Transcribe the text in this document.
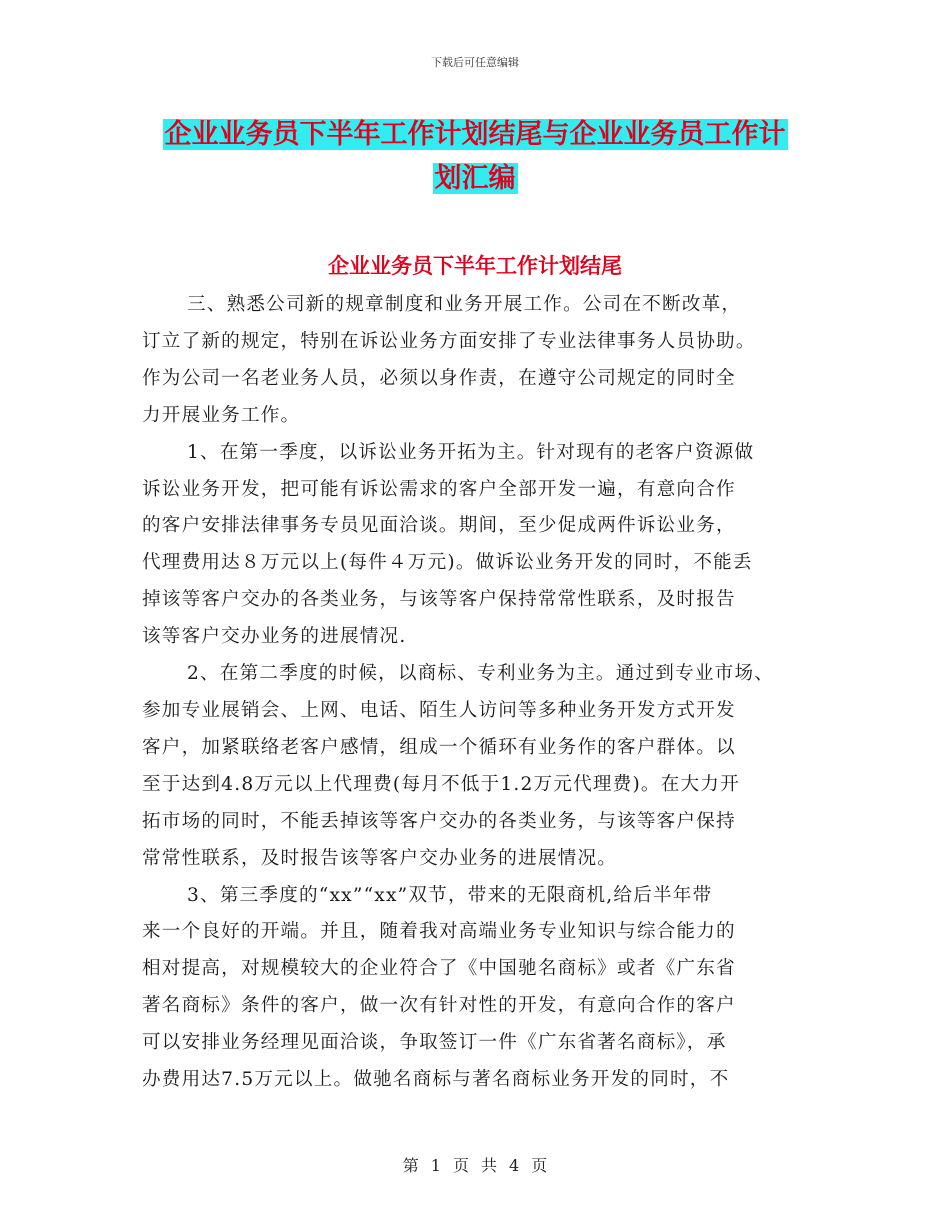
下载后可任意编辑
企业业务员下半年工作计划结尾与企业业务员工作计
划汇编
企业业务员下半年工作计划结尾
三、熟悉公司新的规章制度和业务开展工作。公司在不断改革，
订立了新的规定，特别在诉讼业务方面安排了专业法律事务人员协助。
作为公司一名老业务人员，必须以身作责，在遵守公司规定的同时全
力开展业务工作。
1、在第一季度，以诉讼业务开拓为主。针对现有的老客户资源做
诉讼业务开发，把可能有诉讼需求的客户全部开发一遍，有意向合作
的客户安排法律事务专员见面洽谈。期间，至少促成两件诉讼业务，
代理费用达８万元以上(每件４万元)。做诉讼业务开发的同时，不能丢
掉该等客户交办的各类业务，与该等客户保持常常性联系，及时报告
该等客户交办业务的进展情况.
2、在第二季度的时候，以商标、专利业务为主。通过到专业市场、
参加专业展销会、上网、电话、陌生人访问等多种业务开发方式开发
客户，加紧联络老客户感情，组成一个循环有业务作的客户群体。以
至于达到4.8万元以上代理费(每月不低于1.2万元代理费)。在大力开
拓市场的同时，不能丢掉该等客户交办的各类业务，与该等客户保持
常常性联系，及时报告该等客户交办业务的进展情况。
3、第三季度的“xx”“xx”双节，带来的无限商机,给后半年带
来一个良好的开端。并且，随着我对高端业务专业知识与综合能力的
相对提高，对规模较大的企业符合了《中国驰名商标》或者《广东省
著名商标》条件的客户，做一次有针对性的开发，有意向合作的客户
可以安排业务经理见面洽谈，争取签订一件《广东省著名商标》，承
办费用达7.5万元以上。做驰名商标与著名商标业务开发的同时，不
第 1 页 共 4 页
